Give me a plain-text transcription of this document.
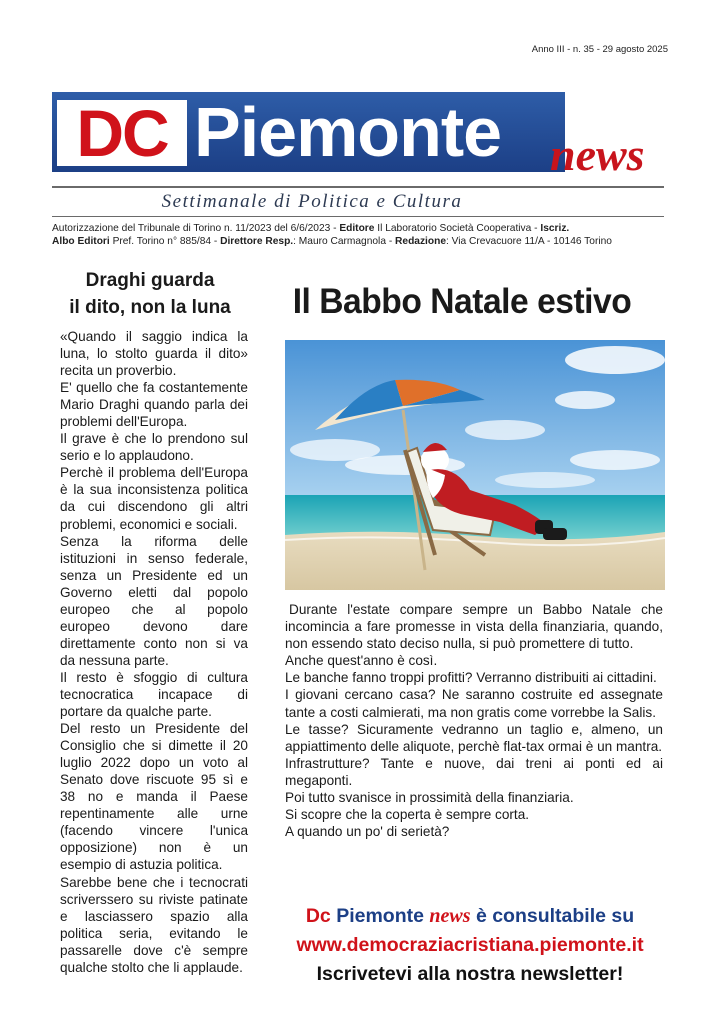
Anno III - n. 35 - 29 agosto 2025
DC Piemonte news
Settimanale di Politica e Cultura
Autorizzazione del Tribunale di Torino n. 11/2023 del 6/6/2023 - Editore Il Laboratorio Società Cooperativa - Iscriz.
Albo Editori Pref. Torino n° 885/84 - Direttore Resp.: Mauro Carmagnola - Redazione: Via Crevacuore 11/A - 10146 Torino
Draghi guarda
il dito, non la luna

«Quando il saggio indica la luna, lo stolto guarda il dito» recita un proverbio.

E' quello che fa costantemente Mario Draghi quando parla dei problemi dell'Europa.

Il grave è che lo prendono sul serio e lo applaudono.

Perchè il problema dell'Europa è la sua inconsistenza politica da cui discendono gli altri problemi, economici e sociali.

Senza la riforma delle istituzioni in senso federale, senza un Presidente ed un Governo eletti dal popolo europeo che al popolo europeo devono dare direttamente conto non si va da nessuna parte.

Il resto è sfoggio di cultura tecnocratica incapace di portare da qualche parte.

Del resto un Presidente del Consiglio che si dimette il 20 luglio 2022 dopo un voto al Senato dove riscuote 95 sì e 38 no e manda il Paese repentinamente alle urne (facendo vincere l'unica opposizione) non è un esempio di astuzia politica.

Sarebbe bene che i tecnocrati scriverssero su riviste patinate e lasciassero spazio alla politica seria, evitando le passarelle dove c'è sempre qualche stolto che li applaude.

Il Babbo Natale estivo

Durante l'estate compare sempre un Babbo Natale che incomincia a fare promesse in vista della finanziaria, quando, non essendo stato deciso nulla, si può promettere di tutto.

Anche quest'anno è così.

Le banche fanno troppi profitti? Verranno distribuiti ai cittadini.

I giovani cercano casa? Ne saranno costruite ed assegnate tante a costi calmierati, ma non gratis come vorrebbe la Salis.

Le tasse? Sicuramente vedranno un taglio e, almeno, un appiattimento delle aliquote, perchè flat-tax ormai è un mantra.

Infrastrutture? Tante e nuove, dai treni ai ponti ed ai megaponti.

Poi tutto svanisce in prossimità della finanziaria.

Si scopre che la coperta è sempre corta.

A quando un po' di serietà?

Dc Piemonte news è consultabile su
www.democraziacristiana.piemonte.it
Iscrivetevi alla nostra newsletter!
